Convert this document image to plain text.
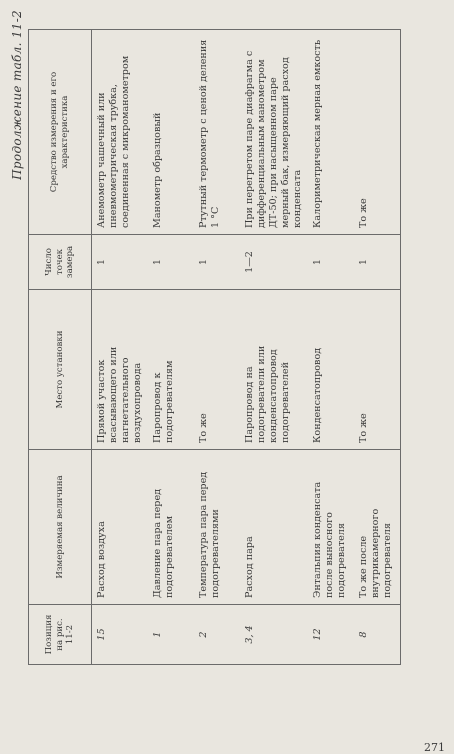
Продолжение табл. 11-2
Позиция на рис. 11-2	Измеряемая величина	Место установки	Число точек замера	Средство измерения и его характеристика
15	Расход воздуха	Прямой участок всасывающего или нагнетательного воздухопровода	1	Анемометр чашечный или пневмометрическая трубка, соединенная с микроманометром
1	Давление пара перед подогревателем	Паропровод к подогревателям	1	Манометр образцовый
2	Температура пара перед подогревателями	То же	1	Ртутный термометр с ценой деления 1 °С
3, 4	Расход пара	Паропровод на подогреватели или конденсатопровод подогревателей	1—2	При перегретом паре диафрагма с дифференциальным манометром ДТ-50; при насыщенном паре мерный бак, измеряющий расход конденсата
12	Энтальпия конденсата после выносного подогревателя	Конденсатопровод	1	Калориметрическая мерная емкость
8	То же после внутрикамерного подогревателя	То же	1	То же
271
